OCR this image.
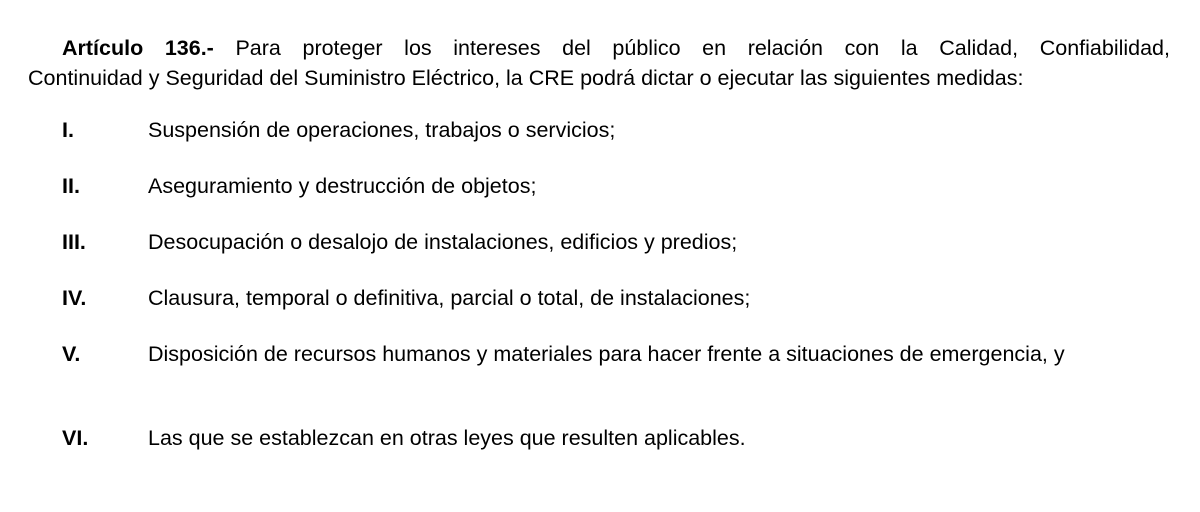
Artículo 136.- Para proteger los intereses del público en relación con la Calidad, Confiabilidad,
Continuidad y Seguridad del Suministro Eléctrico, la CRE podrá dictar o ejecutar las siguientes medidas:
I.	Suspensión de operaciones, trabajos o servicios;
II.	Aseguramiento y destrucción de objetos;
III.	Desocupación o desalojo de instalaciones, edificios y predios;
IV.	Clausura, temporal o definitiva, parcial o total, de instalaciones;
V.	Disposición de recursos humanos y materiales para hacer frente a situaciones de emergencia, y
VI.	Las que se establezcan en otras leyes que resulten aplicables.
